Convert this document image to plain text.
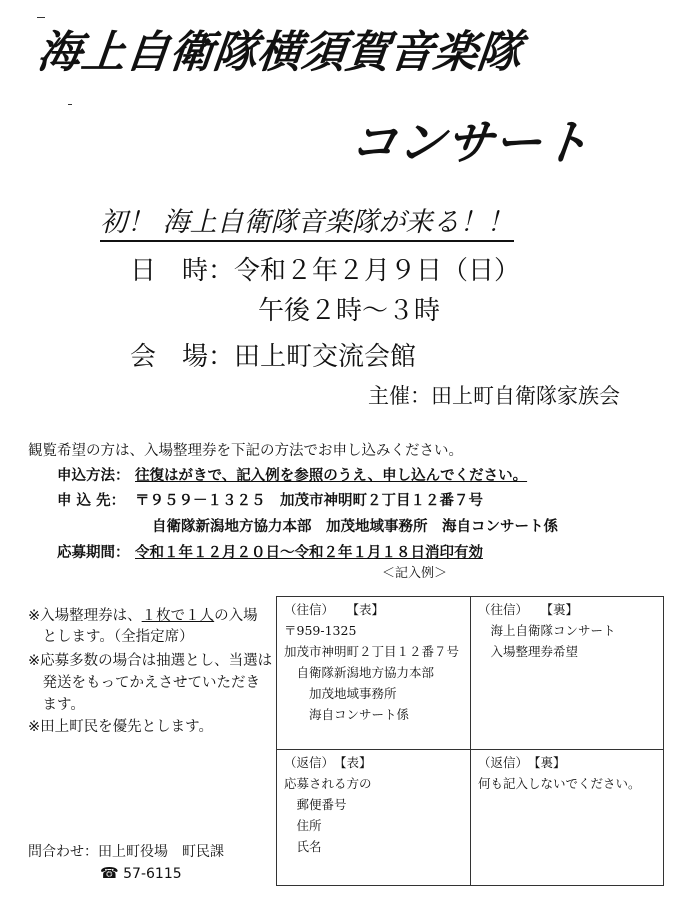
海上自衛隊横須賀音楽隊
コンサート
初！ 海上自衛隊音楽隊が来る！！
日　時： 令和２年２月９日（日）
午後２時～３時
会　場： 田上町交流会館
主催：田上町自衛隊家族会
観覧希望の方は、入場整理券を下記の方法でお申し込みください。
申込方法： 往復はがきで、記入例を参照のうえ、申し込んでください。
申 込 先： 〒９５９－１３２５　加茂市神明町２丁目１２番７号
自衛隊新潟地方協力本部　加茂地域事務所　海自コンサート係
応募期間： 令和１年１２月２０日～令和２年１月１８日消印有効
＜記入例＞
※入場整理券は、１枚で１人の入場
　とします。（全指定席）
※応募多数の場合は抽選とし、当選は
　発送をもってかえさせていただき
　ます。
※田上町民を優先とします。
問合わせ：田上町役場　町民課
☎ 57-6115
（往信）　　【表】
〒959-1325
加茂市神明町２丁目１２番７号
　自衛隊新潟地方協力本部
　　加茂地域事務所
　　海自コンサート係
（往信）　　【裏】
　海上自衛隊コンサート
　入場整理券希望
（返信）　【表】
応募される方の
　郵便番号
　住所
　氏名
（返信）　【裏】
何も記入しないでください。
